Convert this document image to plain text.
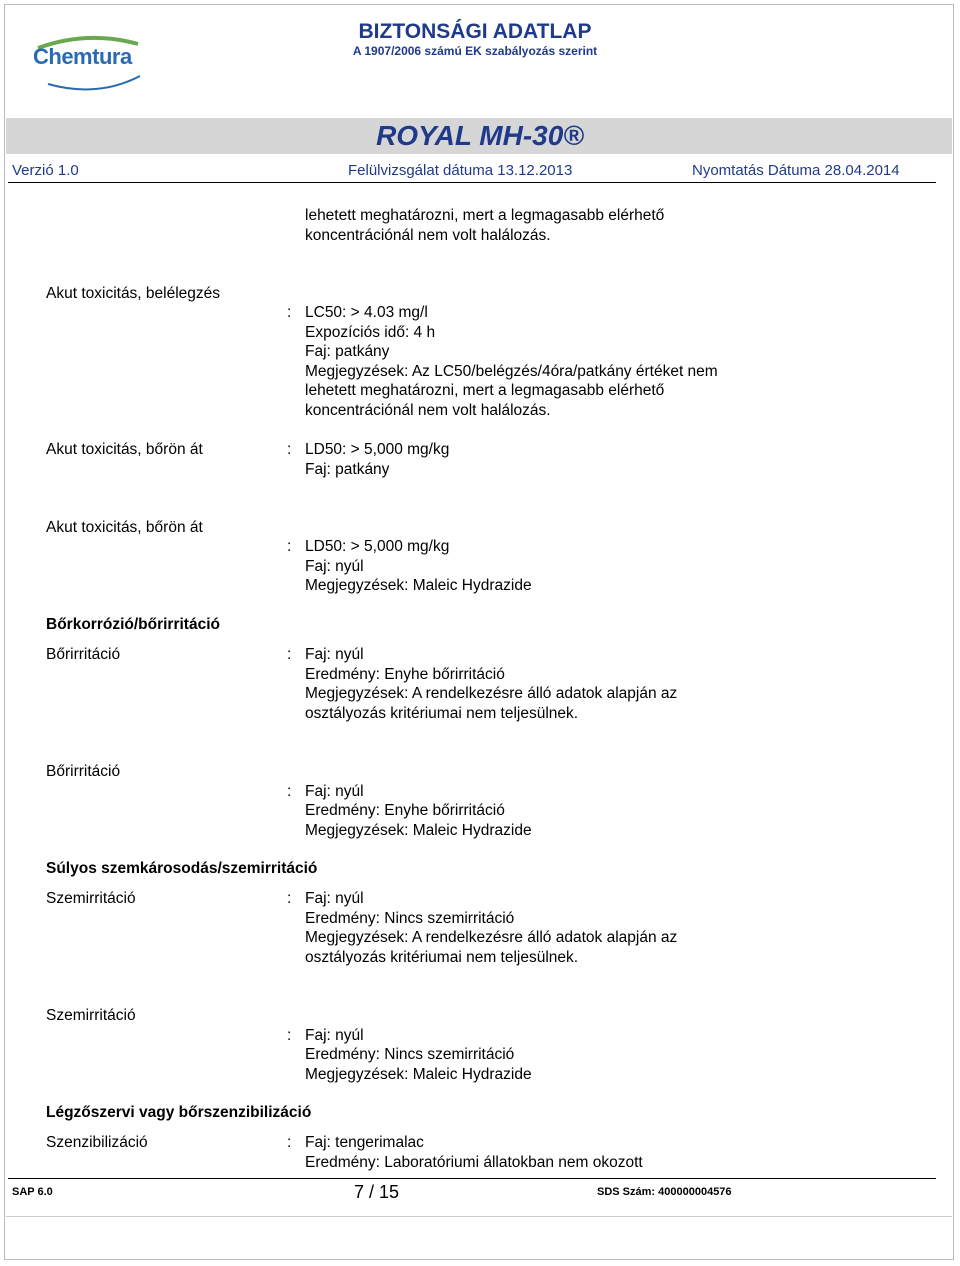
Chemtura
BIZTONSÁGI ADATLAP
A 1907/2006 számú EK szabályozás szerint
ROYAL MH-30®
Verzió 1.0	Felülvizsgálat dátuma 13.12.2013	Nyomtatás Dátuma 28.04.2014
lehetett meghatározni, mert a legmagasabb elérhető
koncentrációnál nem volt halálozás.
Akut toxicitás, belélegzés
: LC50: > 4.03 mg/l
Expozíciós idő: 4 h
Faj: patkány
Megjegyzések: Az LC50/belégzés/4óra/patkány értéket nem
lehetett meghatározni, mert a legmagasabb elérhető
koncentrációnál nem volt halálozás.
Akut toxicitás, bőrön át	: LD50: > 5,000 mg/kg
Faj: patkány
Akut toxicitás, bőrön át
: LD50: > 5,000 mg/kg
Faj: nyúl
Megjegyzések: Maleic Hydrazide
Bőrkorrózió/bőrirritáció
Bőrirritáció	: Faj: nyúl
Eredmény: Enyhe bőrirritáció
Megjegyzések: A rendelkezésre álló adatok alapján az
osztályozás kritériumai nem teljesülnek.
Bőrirritáció
: Faj: nyúl
Eredmény: Enyhe bőrirritáció
Megjegyzések: Maleic Hydrazide
Súlyos szemkárosodás/szemirritáció
Szemirritáció	: Faj: nyúl
Eredmény: Nincs szemirritáció
Megjegyzések: A rendelkezésre álló adatok alapján az
osztályozás kritériumai nem teljesülnek.
Szemirritáció
: Faj: nyúl
Eredmény: Nincs szemirritáció
Megjegyzések: Maleic Hydrazide
Légzőszervi vagy bőrszenzibilizáció
Szenzibilizáció	: Faj: tengerimalac
Eredmény: Laboratóriumi állatokban nem okozott
SAP 6.0	7 / 15	SDS Szám: 400000004576
